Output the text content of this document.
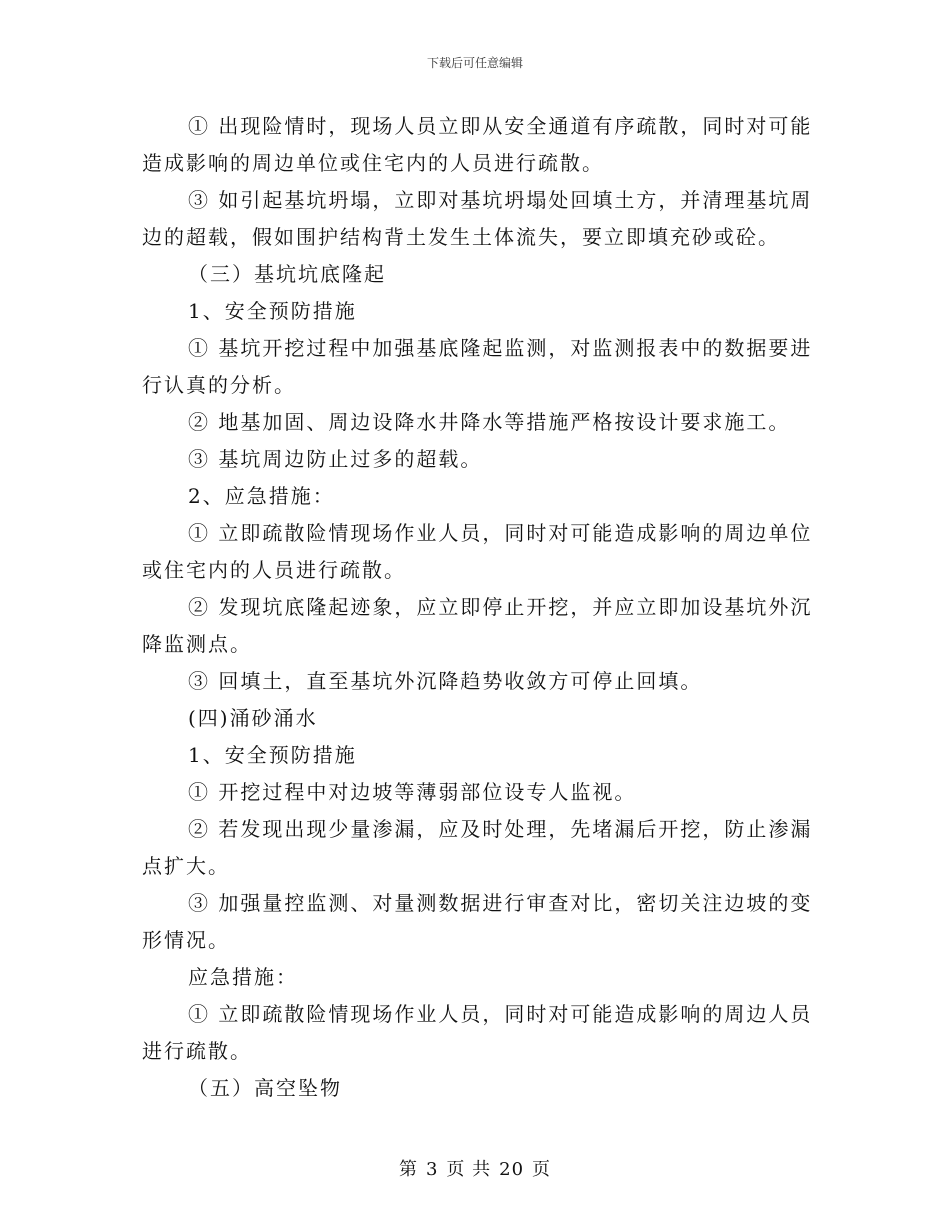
下载后可任意编辑

① 出现险情时，现场人员立即从安全通道有序疏散，同时对可能造成影响的周边单位或住宅内的人员进行疏散。

③ 如引起基坑坍塌，立即对基坑坍塌处回填土方，并清理基坑周边的超载，假如围护结构背土发生土体流失，要立即填充砂或砼。

（三）基坑坑底隆起

1、安全预防措施

① 基坑开挖过程中加强基底隆起监测，对监测报表中的数据要进行认真的分析。

② 地基加固、周边设降水井降水等措施严格按设计要求施工。

③ 基坑周边防止过多的超载。

2、应急措施：

① 立即疏散险情现场作业人员，同时对可能造成影响的周边单位或住宅内的人员进行疏散。

② 发现坑底隆起迹象，应立即停止开挖，并应立即加设基坑外沉降监测点。

③ 回填土，直至基坑外沉降趋势收敛方可停止回填。

(四)涌砂涌水

1、安全预防措施

① 开挖过程中对边坡等薄弱部位设专人监视。

② 若发现出现少量渗漏，应及时处理，先堵漏后开挖，防止渗漏点扩大。

③ 加强量控监测、对量测数据进行审查对比，密切关注边坡的变形情况。

应急措施：

① 立即疏散险情现场作业人员，同时对可能造成影响的周边人员进行疏散。

（五）高空坠物

第 3 页 共 20 页
